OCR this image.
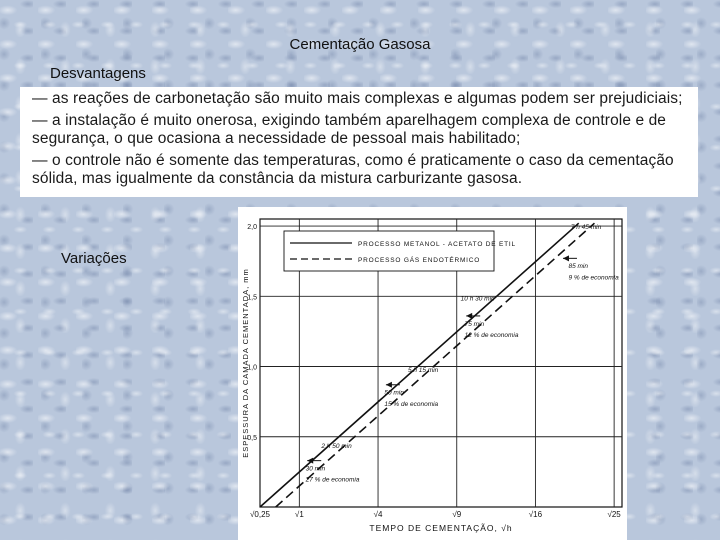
Cementação Gasosa
Desvantagens

— as reações de carbonetação são muito mais complexas e algumas podem ser prejudiciais;

— a instalação é muito onerosa, exigindo também aparelhagem complexa de controle e de segurança, o que ocasiona a necessidade de pessoal mais habilitado;

— o controle não é somente das temperaturas, como é praticamente o caso da cementação sólida, mas igualmente da constância da mistura carburizante gasosa.

Variações
√0,25	√1	√4	√9	√16	√25
0,5
1,0
1,5
2,0
TEMPO DE CEMENTAÇÃO, √h
ESPESSURA DA CAMADA CEMENTADA, mm
PROCESSO METANOL - ACETATO DE ETIL
PROCESSO GÁS ENDOTÉRMICO
7 h 45 min
85 min
9 % de economia
10 h 30 min
75 min
12 % de economia
5 h 15 min
50 min
15 % de economia
2 h 50 min
30 min
27 % de economia
